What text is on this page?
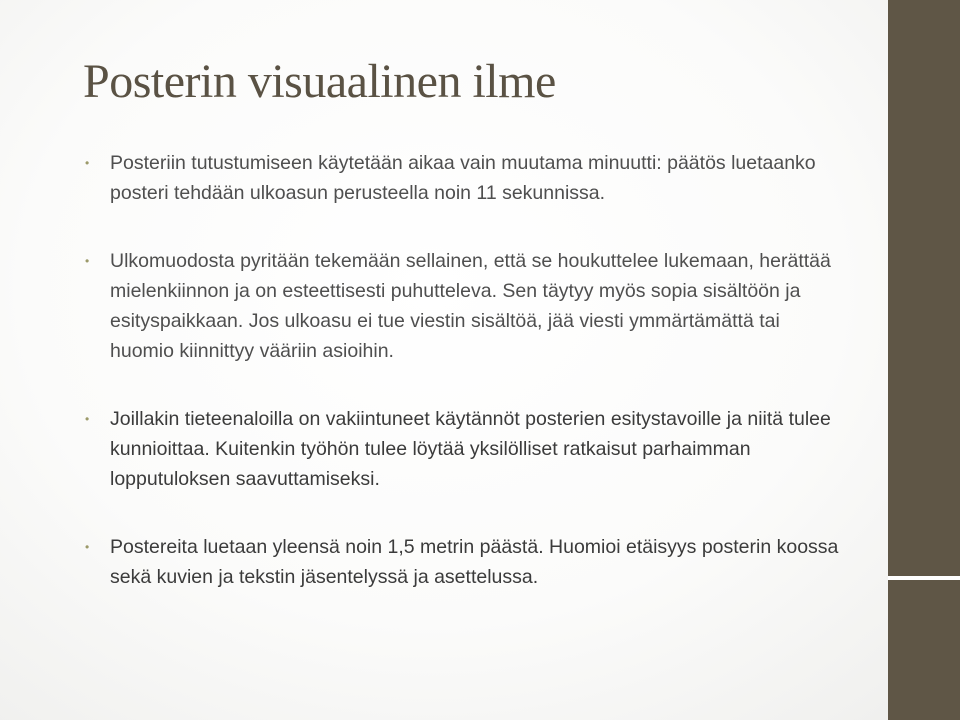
Posterin visuaalinen ilme
•	Posteriin tutustumiseen käytetään aikaa vain muutama minuutti: päätös luetaanko posteri tehdään ulkoasun perusteella noin 11 sekunnissa.
•	Ulkomuodosta pyritään tekemään sellainen, että se houkuttelee lukemaan, herättää mielenkiinnon ja on esteettisesti puhutteleva. Sen täytyy myös sopia sisältöön ja esityspaikkaan. Jos ulkoasu ei tue viestin sisältöä, jää viesti ymmärtämättä tai huomio kiinnittyy vääriin asioihin.
•	Joillakin tieteenaloilla on vakiintuneet käytännöt posterien esitystavoille ja niitä tulee kunnioittaa. Kuitenkin työhön tulee löytää yksilölliset ratkaisut parhaimman lopputuloksen saavuttamiseksi.
•	Postereita luetaan yleensä noin 1,5 metrin päästä. Huomioi etäisyys posterin koossa sekä kuvien ja tekstin jäsentelyssä ja asettelussa.
